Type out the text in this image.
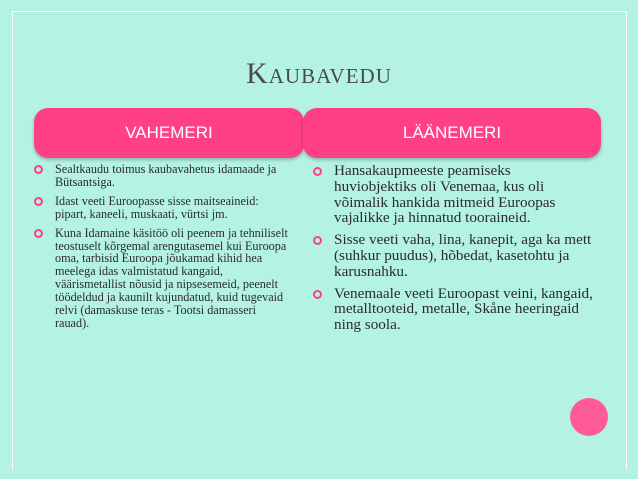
Kaubavedu
VAHEMERI	LÄÄNEMERI
Sealtkaudu toimus kaubavahetus idamaade ja Bütsantsiga.
Idast veeti Euroopasse sisse maitseaineid: pipart, kaneeli, muskaati, vürtsi jm.
Kuna Idamaine käsitöö oli peenem ja tehniliselt teostuselt kõrgemal arengutasemel kui Euroopa oma, tarbisid Euroopa jõukamad kihid hea meelega idas valmistatud kangaid, väärismetallist nõusid ja nipsesemeid, peenelt töödeldud ja kaunilt kujundatud, kuid tugevaid relvi (damaskuse teras - Tootsi damasseri rauad).
Hansakaupmeeste peamiseks huviobjektiks oli Venemaa, kus oli võimalik hankida mitmeid Euroopas vajalikke ja hinnatud tooraineid.
Sisse veeti vaha, lina, kanepit, aga ka mett (suhkur puudus), hõbedat, kasetohtu ja karusnahku.
Venemaale veeti Euroopast veini, kangaid, metalltooteid, metalle, Skåne heeringaid ning soola.
